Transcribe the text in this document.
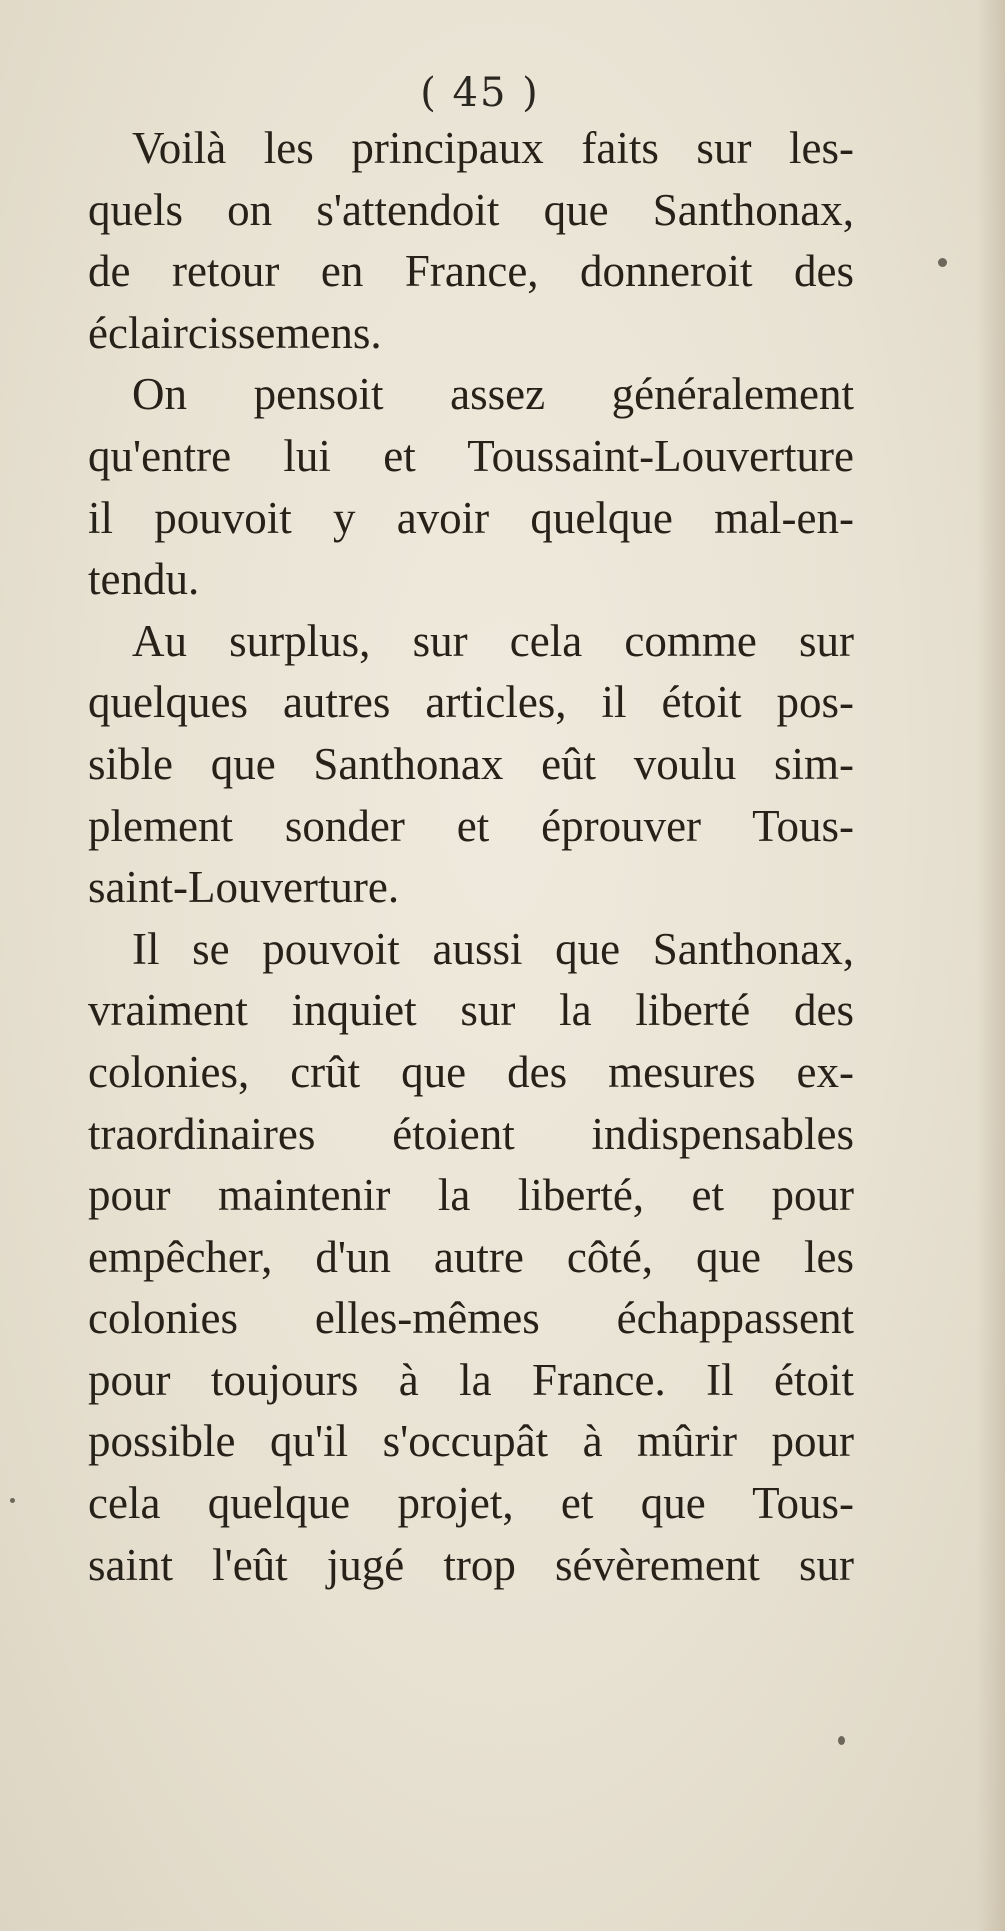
( 45 )
Voilà les principaux faits sur les-
quels on s'attendoit que Santhonax,
de retour en France, donneroit des
éclaircissemens.
On pensoit assez généralement
qu'entre lui et Toussaint-Louverture
il pouvoit y avoir quelque mal-en-
tendu.
Au surplus, sur cela comme sur
quelques autres articles, il étoit pos-
sible que Santhonax eût voulu sim-
plement sonder et éprouver Tous-
saint-Louverture.
Il se pouvoit aussi que Santhonax,
vraiment inquiet sur la liberté des
colonies, crût que des mesures ex-
traordinaires étoient indispensables
pour maintenir la liberté, et pour
empêcher, d'un autre côté, que les
colonies elles-mêmes échappassent
pour toujours à la France. Il étoit
possible qu'il s'occupât à mûrir pour
cela quelque projet, et que Tous-
saint l'eût jugé trop sévèrement sur
